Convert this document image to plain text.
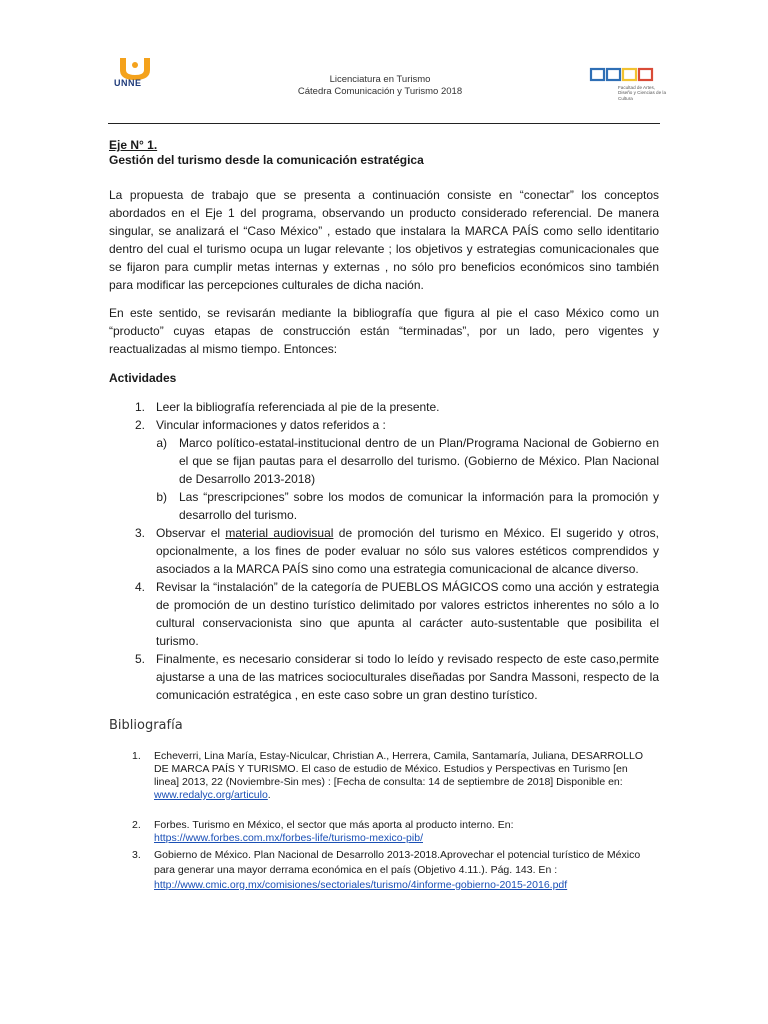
UNNE	Licenciatura en Turismo
Cátedra Comunicación y Turismo 2018	Facultad de Artes, Diseño y Ciencias de la Cultura
Eje N° 1.
Gestión del turismo desde la comunicación estratégica

La propuesta de trabajo que se presenta a continuación consiste en “conectar” los conceptos abordados en el Eje 1 del programa, observando un producto considerado referencial. De manera singular, se analizará el “Caso México” , estado que instalara la MARCA PAÍS como sello identitario dentro del cual el turismo ocupa un lugar relevante ; los objetivos y estrategias comunicacionales que se fijaron para cumplir metas internas y externas , no sólo pro beneficios económicos sino también para modificar las percepciones culturales de dicha nación.

En este sentido, se revisarán mediante la bibliografía que figura al pie el caso México como un “producto” cuyas etapas de construcción están “terminadas”, por un lado, pero vigentes y reactualizadas al mismo tiempo. Entonces:

Actividades
1. Leer la bibliografía referenciada al pie de la presente.
2. Vincular informaciones y datos referidos a :
a)	Marco político-estatal-institucional dentro de un Plan/Programa Nacional de Gobierno en el que se fijan pautas para el desarrollo del turismo. (Gobierno de México. Plan Nacional de Desarrollo 2013-2018)
b)	Las “prescripciones” sobre los modos de comunicar la información para la promoción y desarrollo del turismo.
3. Observar el material audiovisual de promoción del turismo en México. El sugerido y otros, opcionalmente, a los fines de poder evaluar no sólo sus valores estéticos comprendidos y asociados a la MARCA PAÍS sino como una estrategia comunicacional de alcance diverso.
4. Revisar la “instalación” de la categoría de PUEBLOS MÁGICOS como una acción y estrategia de promoción de un destino turístico delimitado por valores estrictos inherentes no sólo a lo cultural conservacionista sino que apunta al carácter auto-sustentable que posibilita el turismo.
5. Finalmente, es necesario considerar si todo lo leído y revisado respecto de este caso,permite ajustarse a una de las matrices socioculturales diseñadas por Sandra Massoni, respecto de la comunicación estratégica , en este caso sobre un gran destino turístico.
Bibliografía
1.	Echeverri, Lina María, Estay-Niculcar, Christian A., Herrera, Camila, Santamaría, Juliana, DESARROLLO DE MARCA PAÍS Y TURISMO. El caso de estudio de México. Estudios y Perspectivas en Turismo [en linea] 2013, 22 (Noviembre-Sin mes) : [Fecha de consulta: 14 de septiembre de 2018] Disponible en: www.redalyc.org/articulo.
2.	Forbes. Turismo en México, el sector que más aporta al producto interno. En:
https://www.forbes.com.mx/forbes-life/turismo-mexico-pib/
3.	Gobierno de México. Plan Nacional de Desarrollo 2013-2018.Aprovechar el potencial turístico de México para generar una mayor derrama económica en el país (Objetivo 4.11.). Pág. 143. En :
http://www.cmic.org.mx/comisiones/sectoriales/turismo/4informe-gobierno-2015-2016.pdf
